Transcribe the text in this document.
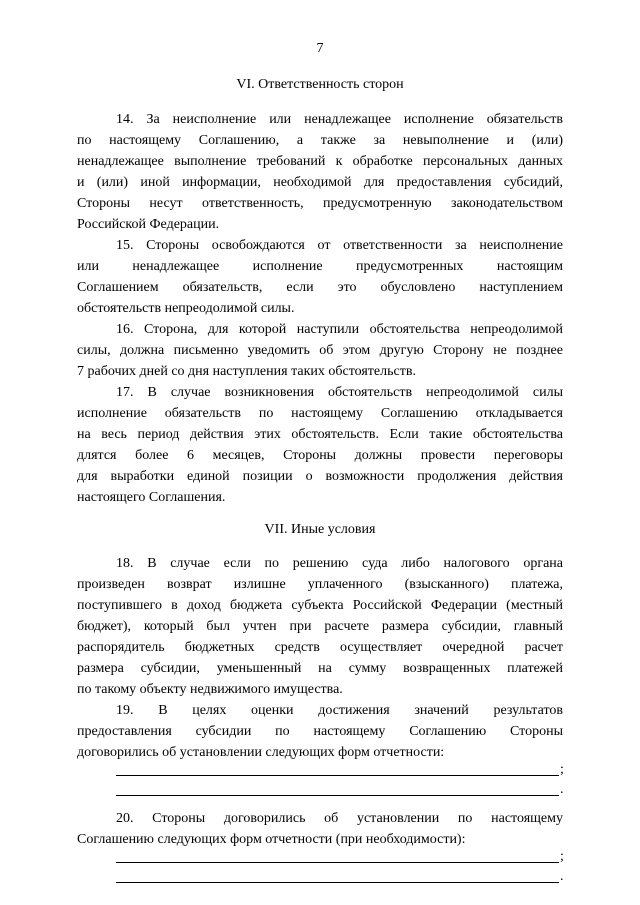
7
VI. Ответственность сторон
14. За неисполнение или ненадлежащее исполнение обязательств
по настоящему Соглашению, а также за невыполнение и (или)
ненадлежащее выполнение требований к обработке персональных данных
и (или) иной информации, необходимой для предоставления субсидий,
Стороны несут ответственность, предусмотренную законодательством
Российской Федерации.
15. Стороны освобождаются от ответственности за неисполнение
или ненадлежащее исполнение предусмотренных настоящим
Соглашением обязательств, если это обусловлено наступлением
обстоятельств непреодолимой силы.
16. Сторона, для которой наступили обстоятельства непреодолимой
силы, должна письменно уведомить об этом другую Сторону не позднее
7 рабочих дней со дня наступления таких обстоятельств.
17. В случае возникновения обстоятельств непреодолимой силы
исполнение обязательств по настоящему Соглашению откладывается
на весь период действия этих обстоятельств. Если такие обстоятельства
длятся более 6 месяцев, Стороны должны провести переговоры
для выработки единой позиции о возможности продолжения действия
настоящего Соглашения.
VII. Иные условия
18. В случае если по решению суда либо налогового органа
произведен возврат излишне уплаченного (взысканного) платежа,
поступившего в доход бюджета субъекта Российской Федерации (местный
бюджет), который был учтен при расчете размера субсидии, главный
распорядитель бюджетных средств осуществляет очередной расчет
размера субсидии, уменьшенный на сумму возвращенных платежей
по такому объекту недвижимого имущества.
19. В целях оценки достижения значений результатов
предоставления субсидии по настоящему Соглашению Стороны
договорились об установлении следующих форм отчетности:
;
.
20. Стороны договорились об установлении по настоящему
Соглашению следующих форм отчетности (при необходимости):
;
.
